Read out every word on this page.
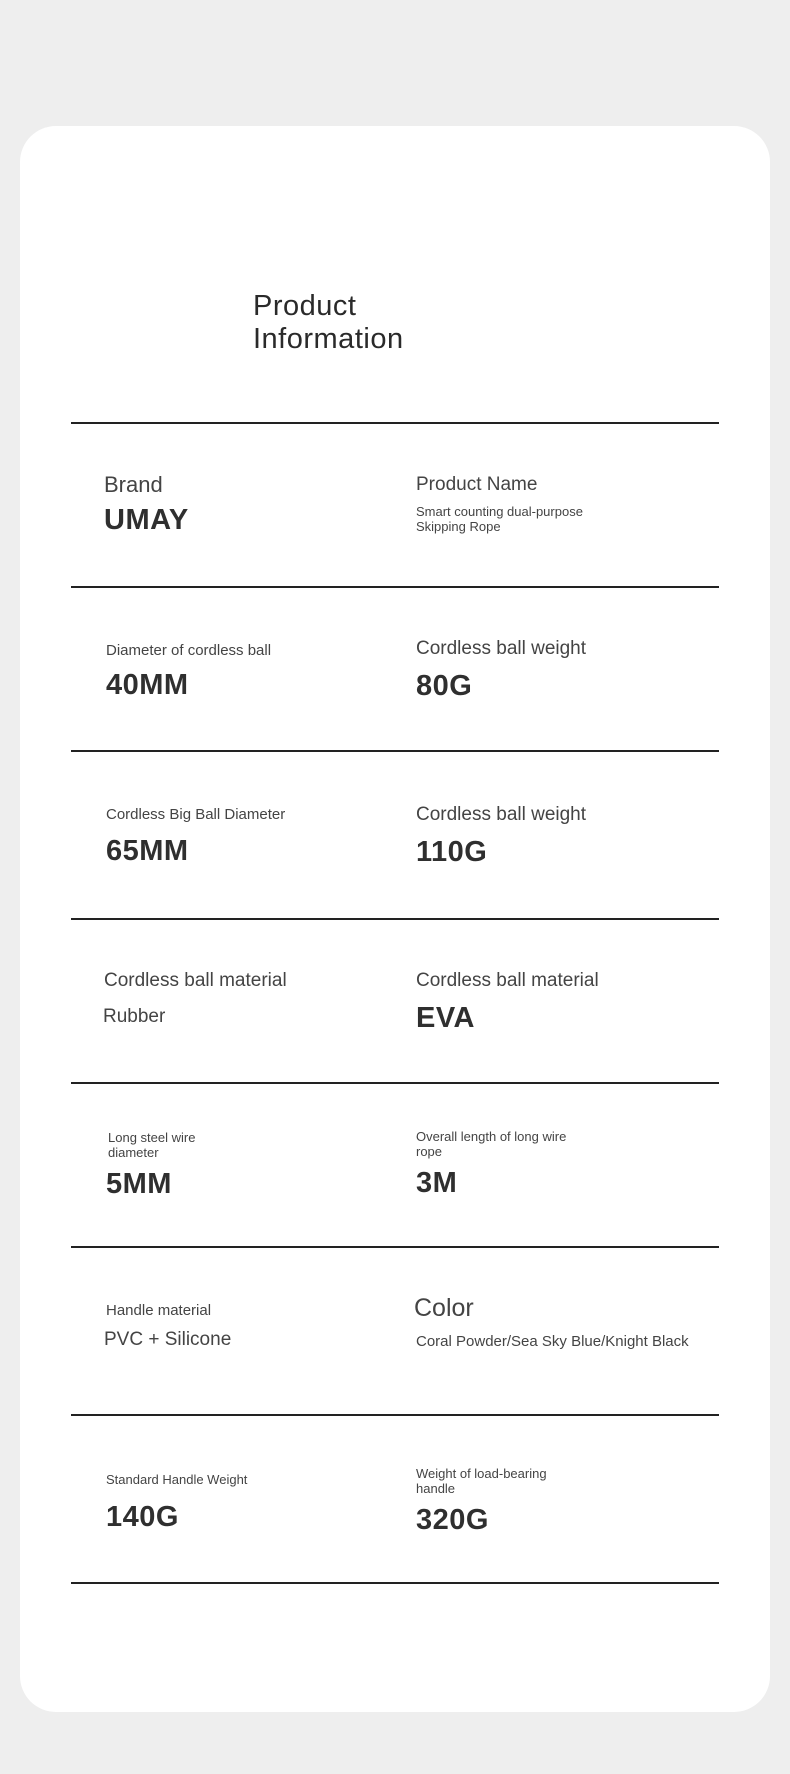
Product
Information
Brand
UMAY
Product Name
Smart counting dual-purpose
Skipping Rope
Diameter of cordless ball
40MM
Cordless ball weight
80G
Cordless Big Ball Diameter
65MM
Cordless ball weight
110G
Cordless ball material
Rubber
Cordless ball material
EVA
Long steel wire
diameter
5MM
Overall length of long wire
rope
3M
Handle material
PVC + Silicone
Color
Coral Powder/Sea Sky Blue/Knight Black
Standard Handle Weight
140G
Weight of load-bearing
handle
320G
